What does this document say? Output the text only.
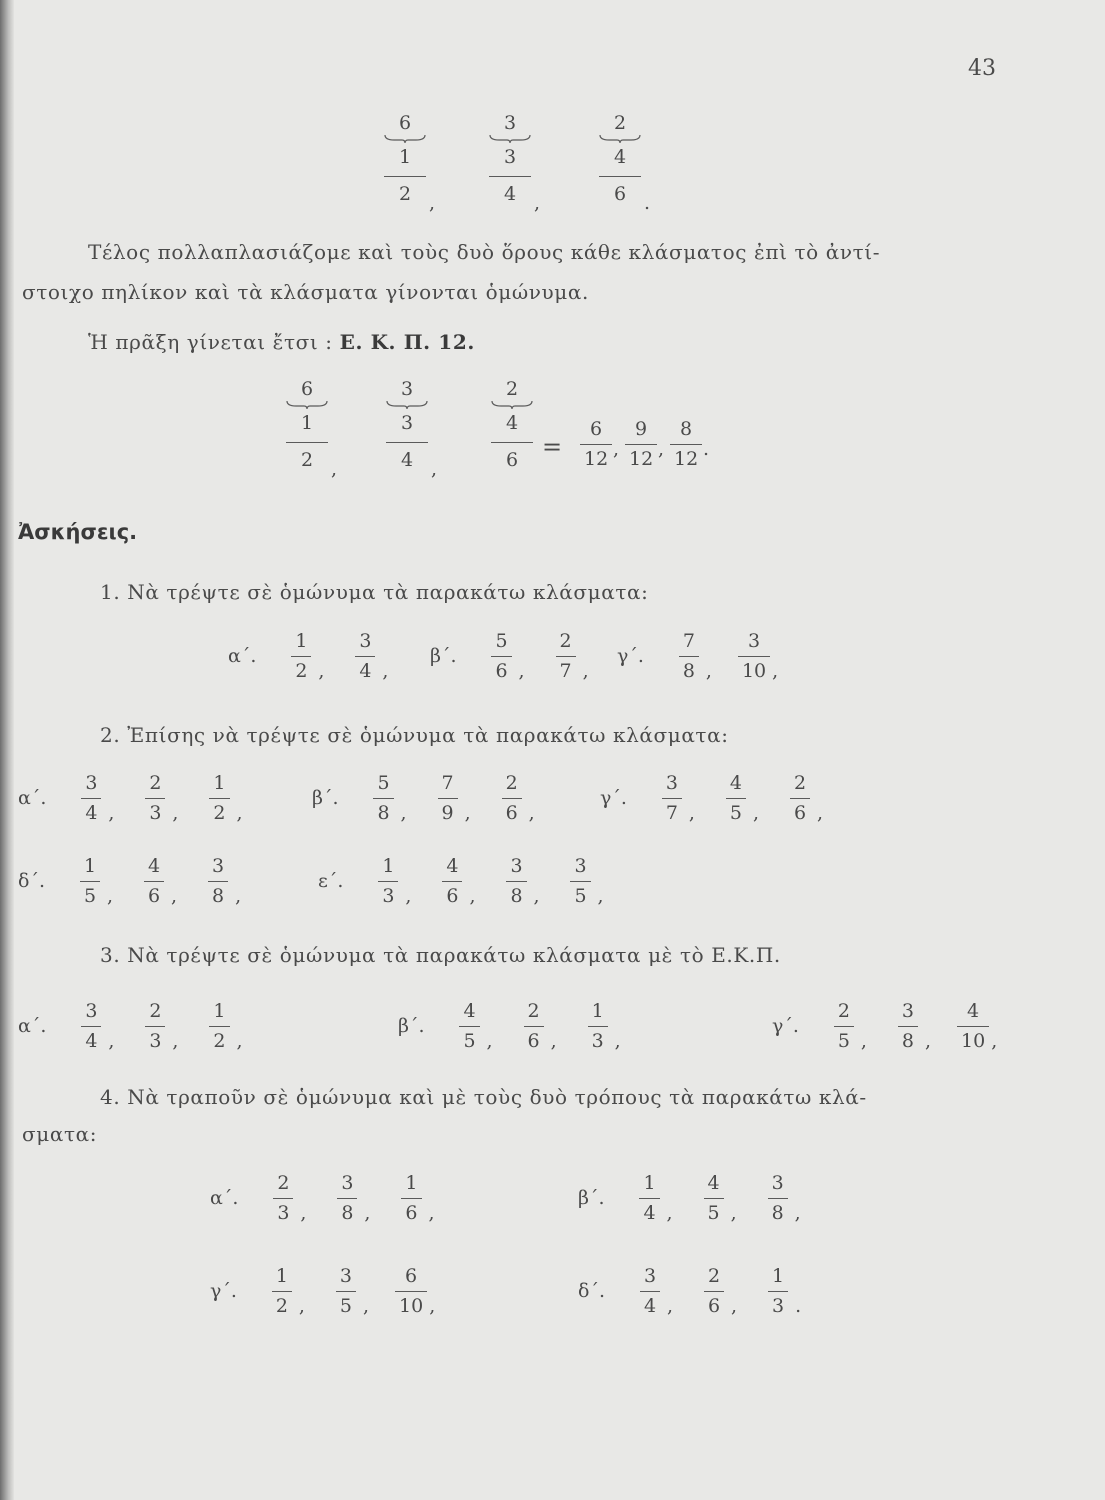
43
6
1
2 ,
3
3
4 ,
2
4
6 .
Τέλος πολλαπλασιάζομε καὶ τοὺς δυὸ ὅρους κάθε κλάσματος ἐπὶ τὸ ἀντί-
στοιχο πηλίκον καὶ τὰ κλάσματα γίνονται ὁμώνυμα.
Ἡ πρᾶξη γίνεται ἔτσι : Ε. Κ. Π. 12.
6
1
2 ,
3
3
4 ,
2
4
$6 = \frac{6}{12}$ , $\frac{9}{12}$ , $\frac{8}{12}$ .
Ἀσκήσεις.
1. Νὰ τρέψτε σὲ ὁμώνυμα τὰ παρακάτω κλάσματα:
2. Ἐπίσης νὰ τρέψτε σὲ ὁμώνυμα τὰ παρακάτω κλάσματα:
3. Νὰ τρέψτε σὲ ὁμώνυμα τὰ παρακάτω κλάσματα μὲ τὸ Ε.Κ.Π.
4. Νὰ τραποῦν σὲ ὁμώνυμα καὶ μὲ τοὺς δυὸ τρόπους τὰ παρακάτω κλά-
σματα:
α΄. $\frac{1}{2}$ , $\frac{3}{4}$ ,
β΄. $\frac{5}{6}$ , $\frac{2}{7}$ ,
γ΄. $\frac{7}{8}$ , $\frac{3}{10}$ ,
α΄. $\frac{3}{4}$ , $\frac{2}{3}$ , $\frac{1}{2}$ ,
β΄. $\frac{5}{8}$ , $\frac{7}{9}$ , $\frac{2}{6}$ ,
γ΄. $\frac{3}{7}$ , $\frac{4}{5}$ , $\frac{2}{6}$ ,
δ΄. $\frac{1}{5}$ , $\frac{4}{6}$ , $\frac{3}{8}$ ,
ε΄. $\frac{1}{3}$ , $\frac{4}{6}$ , $\frac{3}{8}$ , $\frac{3}{5}$ ,
α΄. $\frac{3}{4}$ , $\frac{2}{3}$ , $\frac{1}{2}$ ,
β΄. $\frac{4}{5}$ , $\frac{2}{6}$ , $\frac{1}{3}$ ,
γ΄. $\frac{2}{5}$ , $\frac{3}{8}$ , $\frac{4}{10}$ ,
α΄. $\frac{2}{3}$ , $\frac{3}{8}$ , $\frac{1}{6}$ ,
β΄. $\frac{1}{4}$ , $\frac{4}{5}$ , $\frac{3}{8}$ ,
γ΄. $\frac{1}{2}$ , $\frac{3}{5}$ , $\frac{6}{10}$ ,
δ΄. $\frac{3}{4}$ , $\frac{2}{6}$ , $\frac{1}{3}$ .
